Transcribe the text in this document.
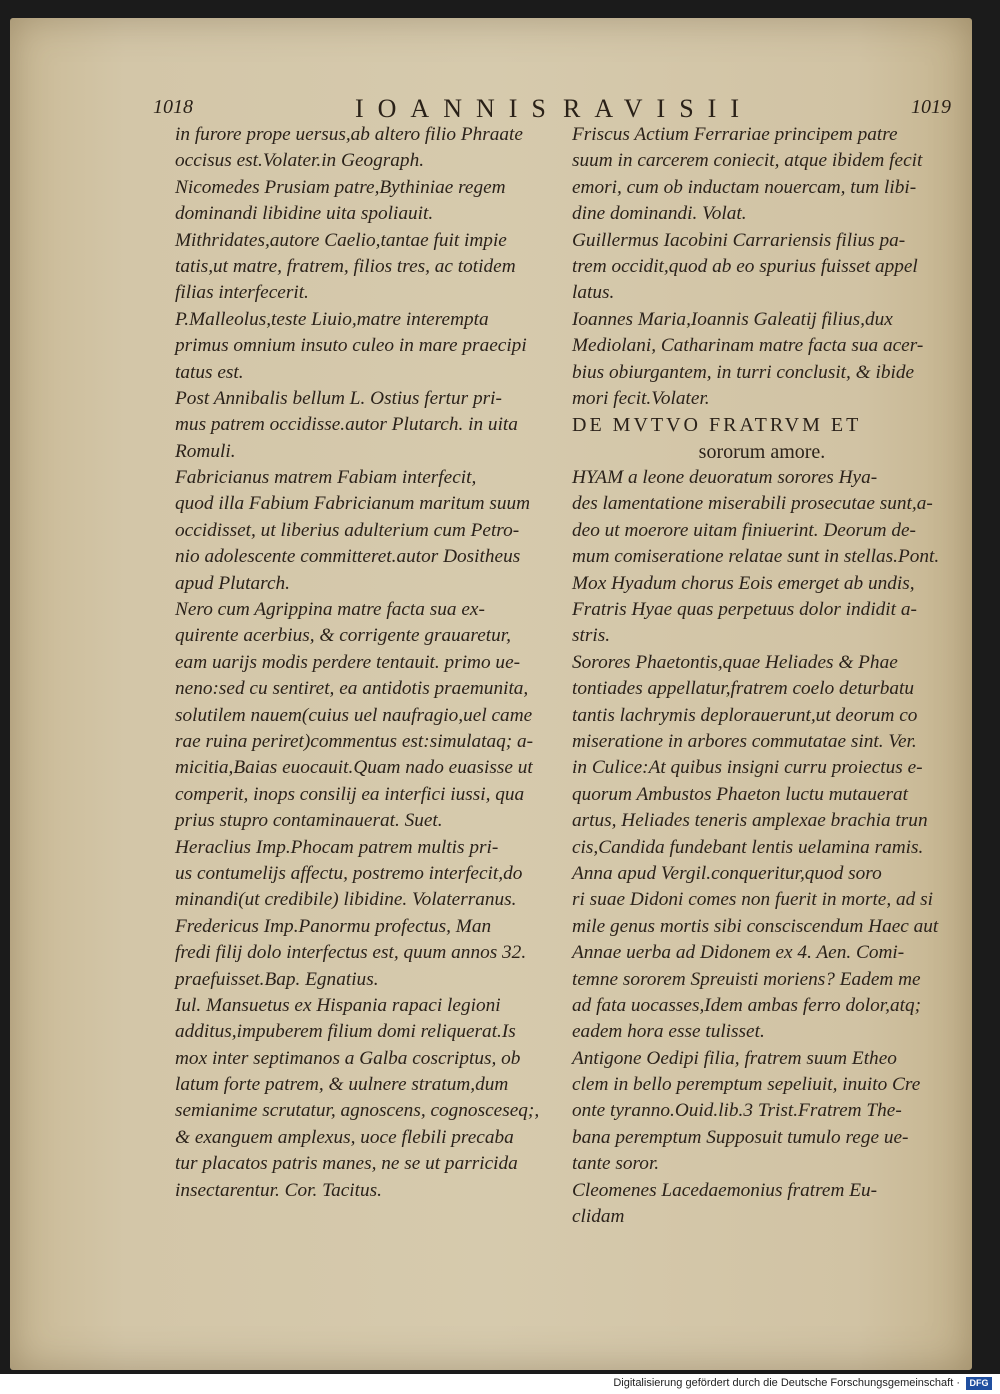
1018	IOANNIS RAVISII	1019
in furore prope uersus,ab altero filio Phraate
occisus est.Volater.in Geograph.
Nicomedes Prusiam patre,Bythiniae regem
dominandi libidine uita spoliauit.
Mithridates,autore Caelio,tantae fuit impie
tatis,ut matre, fratrem, filios tres, ac totidem
filias interfecerit.
P.Malleolus,teste Liuio,matre interempta
primus omnium insuto culeo in mare praecipi
tatus est.
Post Annibalis bellum L. Ostius fertur pri-
mus patrem occidisse.autor Plutarch. in uita
Romuli.
Fabricianus matrem Fabiam interfecit,
quod illa Fabium Fabricianum maritum suum
occidisset, ut liberius adulterium cum Petro-
nio adolescente committeret.autor Dositheus
apud Plutarch.
Nero cum Agrippina matre facta sua ex-
quirente acerbius, & corrigente grauaretur,
eam uarijs modis perdere tentauit. primo ue-
neno:sed cu sentiret, ea antidotis praemunita,
solutilem nauem(cuius uel naufragio,uel came
rae ruina periret)commentus est:simulataq; a-
micitia,Baias euocauit.Quam nado euasisse ut
comperit, inops consilij ea interfici iussi, qua
prius stupro contaminauerat. Suet.
Heraclius Imp.Phocam patrem multis pri-
us contumelijs affectu, postremo interfecit,do
minandi(ut credibile) libidine. Volaterranus.
Fredericus Imp.Panormu profectus, Man
fredi filij dolo interfectus est, quum annos 32.
praefuisset.Bap. Egnatius.
Iul. Mansuetus ex Hispania rapaci legioni
additus,impuberem filium domi reliquerat.Is
mox inter septimanos a Galba coscriptus, ob
latum forte patrem, & uulnere stratum,dum
semianime scrutatur, agnoscens, cognosceseq;,
& exanguem amplexus, uoce flebili precaba
tur placatos patris manes, ne se ut parricida
insectarentur. Cor. Tacitus.
Friscus Actium Ferrariae principem patre
suum in carcerem coniecit, atque ibidem fecit
emori, cum ob inductam nouercam, tum libi-
dine dominandi. Volat.
Guillermus Iacobini Carrariensis filius pa-
trem occidit,quod ab eo spurius fuisset appel
latus.
Ioannes Maria,Ioannis Galeatij filius,dux
Mediolani, Catharinam matre facta sua acer-
bius obiurgantem, in turri conclusit, & ibide
mori fecit.Volater.
DE MVTVO FRATRVM ET
sororum amore.
HYAM a leone deuoratum sorores Hya-
des lamentatione miserabili prosecutae sunt,a-
deo ut moerore uitam finiuerint. Deorum de-
mum comiseratione relatae sunt in stellas.Pont.
Mox Hyadum chorus Eois emerget ab undis,
Fratris Hyae quas perpetuus dolor indidit a-
stris.
Sorores Phaetontis,quae Heliades & Phae
tontiades appellatur,fratrem coelo deturbatu
tantis lachrymis deplorauerunt,ut deorum co
miseratione in arbores commutatae sint. Ver.
in Culice:At quibus insigni curru proiectus e-
quorum Ambustos Phaeton luctu mutauerat
artus, Heliades teneris amplexae brachia trun
cis,Candida fundebant lentis uelamina ramis.
Anna apud Vergil.conqueritur,quod soro
ri suae Didoni comes non fuerit in morte, ad si
mile genus mortis sibi consciscendum Haec aut
Annae uerba ad Didonem ex 4. Aen. Comi-
temne sororem Spreuisti moriens? Eadem me
ad fata uocasses,Idem ambas ferro dolor,atq;
eadem hora esse tulisset.
Antigone Oedipi filia, fratrem suum Etheo
clem in bello peremptum sepeliuit, inuito Cre
onte tyranno.Ouid.lib.3 Trist.Fratrem The-
bana peremptum Supposuit tumulo rege ue-
tante soror.
Cleomenes Lacedaemonius fratrem Eu-
clidam
Digitalisierung gefördert durch die Deutsche Forschungsgemeinschaft ·	DFG
